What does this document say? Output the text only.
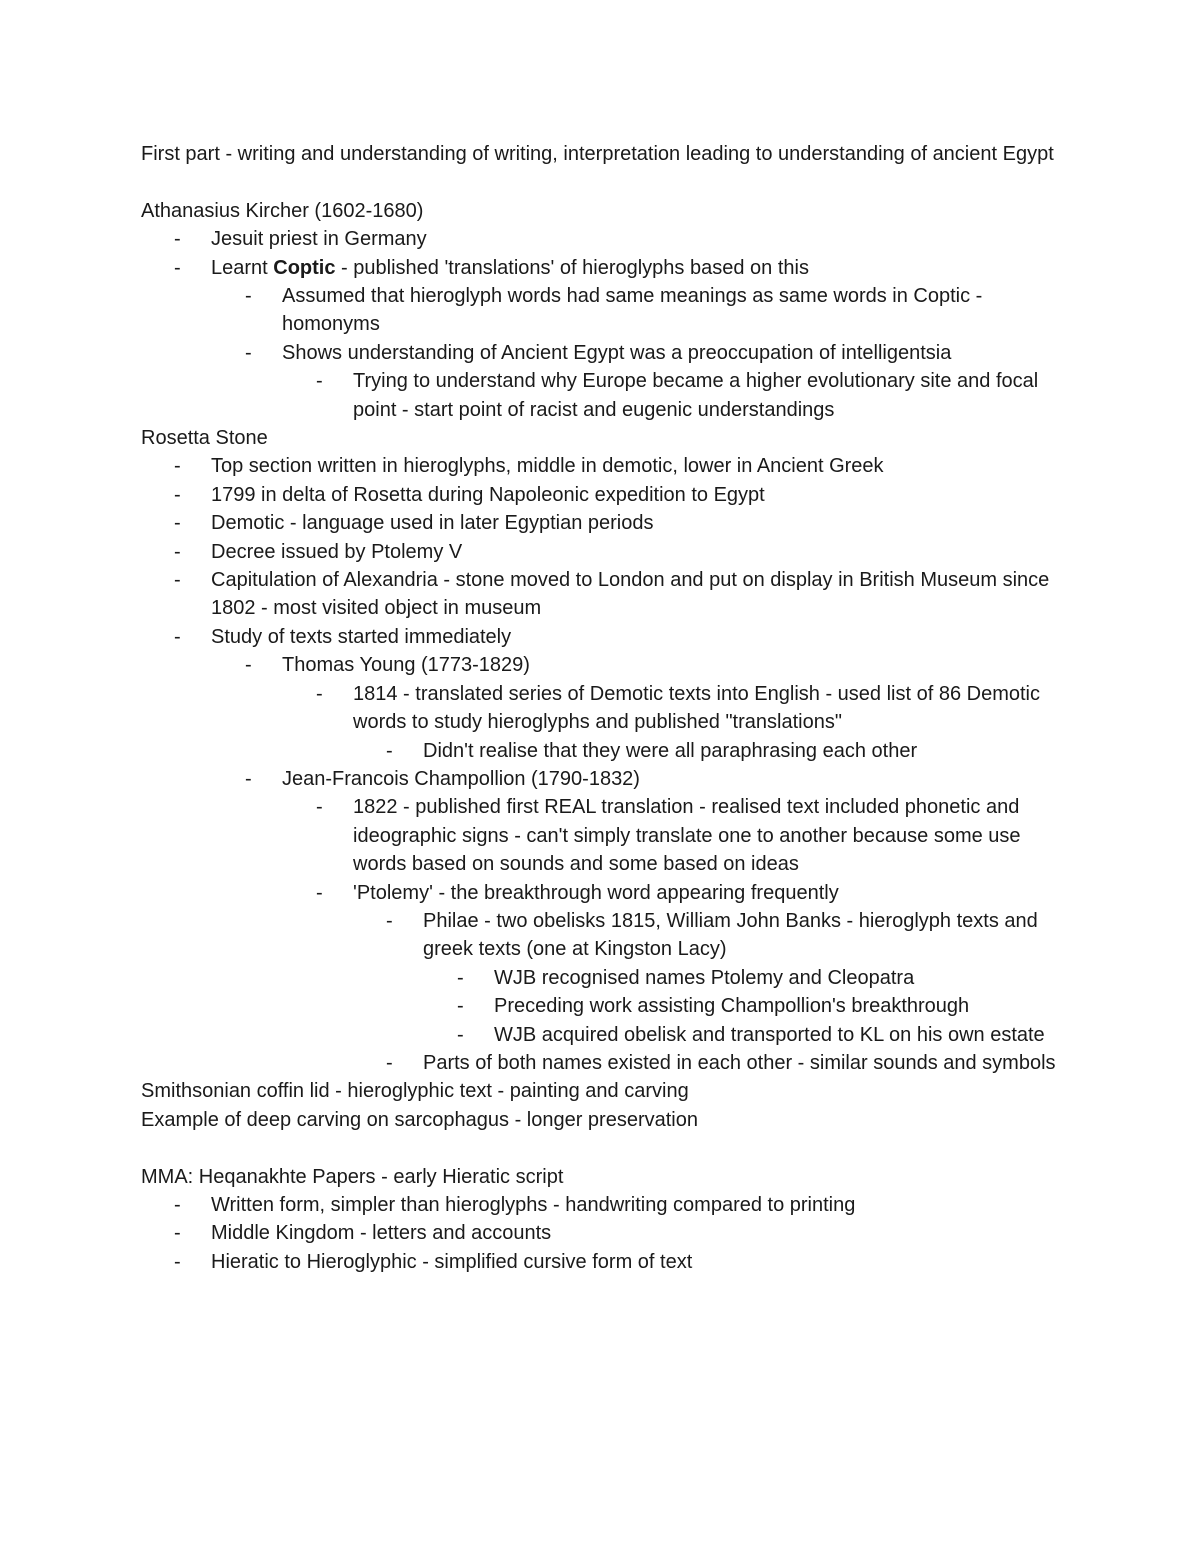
First part - writing and understanding of writing, interpretation leading to understanding of ancient Egypt

Athanasius Kircher (1602-1680)

- Jesuit priest in Germany
- Learnt Coptic - published 'translations' of hieroglyphs based on this
- Assumed that hieroglyph words had same meanings as same words in Coptic - homonyms
- Shows understanding of Ancient Egypt was a preoccupation of intelligentsia
- Trying to understand why Europe became a higher evolutionary site and focal point - start point of racist and eugenic understandings

Rosetta Stone

- Top section written in hieroglyphs, middle in demotic, lower in Ancient Greek
- 1799 in delta of Rosetta during Napoleonic expedition to Egypt
- Demotic - language used in later Egyptian periods
- Decree issued by Ptolemy V
- Capitulation of Alexandria - stone moved to London and put on display in British Museum since 1802 - most visited object in museum
- Study of texts started immediately
- Thomas Young (1773-1829)
- 1814 - translated series of Demotic texts into English - used list of 86 Demotic words to study hieroglyphs and published "translations"
- Didn't realise that they were all paraphrasing each other
- Jean-Francois Champollion (1790-1832)
- 1822 - published first REAL translation - realised text included phonetic and ideographic signs - can't simply translate one to another because some use words based on sounds and some based on ideas
- 'Ptolemy' - the breakthrough word appearing frequently
- Philae - two obelisks 1815, William John Banks - hieroglyph texts and greek texts (one at Kingston Lacy)
- WJB recognised names Ptolemy and Cleopatra
- Preceding work assisting Champollion's breakthrough
- WJB acquired obelisk and transported to KL on his own estate
- Parts of both names existed in each other - similar sounds and symbols

Smithsonian coffin lid - hieroglyphic text - painting and carving

Example of deep carving on sarcophagus - longer preservation

MMA: Heqanakhte Papers - early Hieratic script

- Written form, simpler than hieroglyphs - handwriting compared to printing
- Middle Kingdom - letters and accounts
- Hieratic to Hieroglyphic - simplified cursive form of text
